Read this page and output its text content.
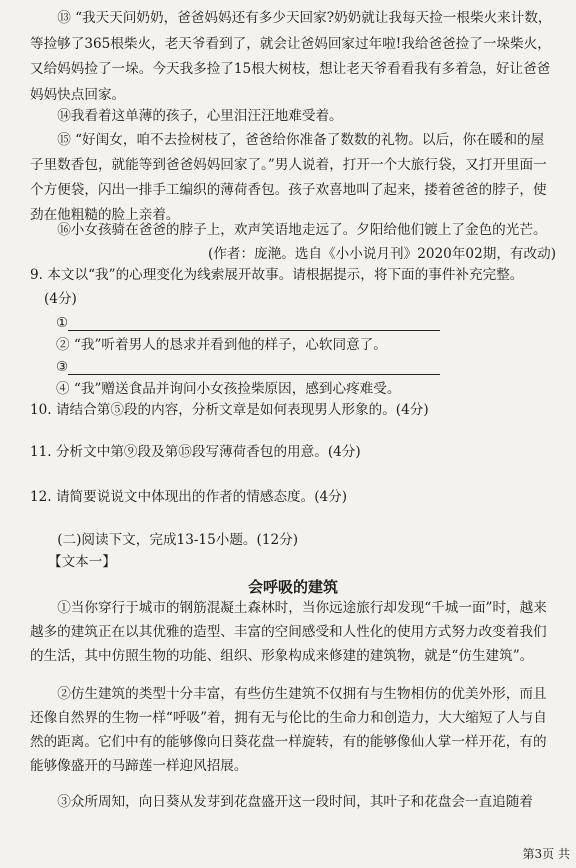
⑬ “我天天问奶奶，爸爸妈妈还有多少天回家?奶奶就让我每天捡一根柴火来计数，等捡够了365根柴火，老天爷看到了，就会让爸妈回家过年啦!我给爸爸捡了一垛柴火，又给妈妈捡了一垛。今天我多捡了15根大树枝，想让老天爷看看我有多着急，好让爸爸妈妈快点回家。
⑭我看着这单薄的孩子，心里泪汪汪地难受着。
⑮ “好闺女，咱不去捡树枝了，爸爸给你准备了数数的礼物。以后，你在暖和的屋子里数香包，就能等到爸爸妈妈回家了。”男人说着，打开一个大旅行袋，又打开里面一个方便袋，闪出一排手工编织的薄荷香包。孩子欢喜地叫了起来，搂着爸爸的脖子，使劲在他粗糙的脸上亲着。
⑯小女孩骑在爸爸的脖子上，欢声笑语地走远了。夕阳给他们镀上了金色的光芒。
(作者：庞滟。选自《小小说月刊》2020年02期，有改动)
9. 本文以“我”的心理变化为线索展开故事。请根据提示，将下面的事件补充完整。
(4分)
①
② “我”听着男人的恳求并看到他的样子，心软同意了。
③
④ “我”赠送食品并询问小女孩捡柴原因，感到心疼难受。
10. 请结合第⑤段的内容，分析文章是如何表现男人形象的。(4分)
11. 分析文中第⑨段及第⑮段写薄荷香包的用意。(4分)
12. 请简要说说文中体现出的作者的情感态度。(4分)
(二)阅读下文，完成13-15小题。(12分)
【文本一】
会呼吸的建筑
①当你穿行于城市的钢筋混凝土森林时，当你远途旅行却发现“千城一面”时，越来越多的建筑正在以其优雅的造型、丰富的空间感受和人性化的使用方式努力改变着我们的生活，其中仿照生物的功能、组织、形象构成来修建的建筑物，就是“仿生建筑”。
②仿生建筑的类型十分丰富，有些仿生建筑不仅拥有与生物相仿的优美外形，而且还像自然界的生物一样“呼吸”着，拥有无与伦比的生命力和创造力，大大缩短了人与自然的距离。它们中有的能够像向日葵花盘一样旋转，有的能够像仙人掌一样开花，有的能够像盛开的马蹄莲一样迎风招展。
③众所周知，向日葵从发芽到花盘盛开这一段时间，其叶子和花盘会一直追随着
第3页 共
